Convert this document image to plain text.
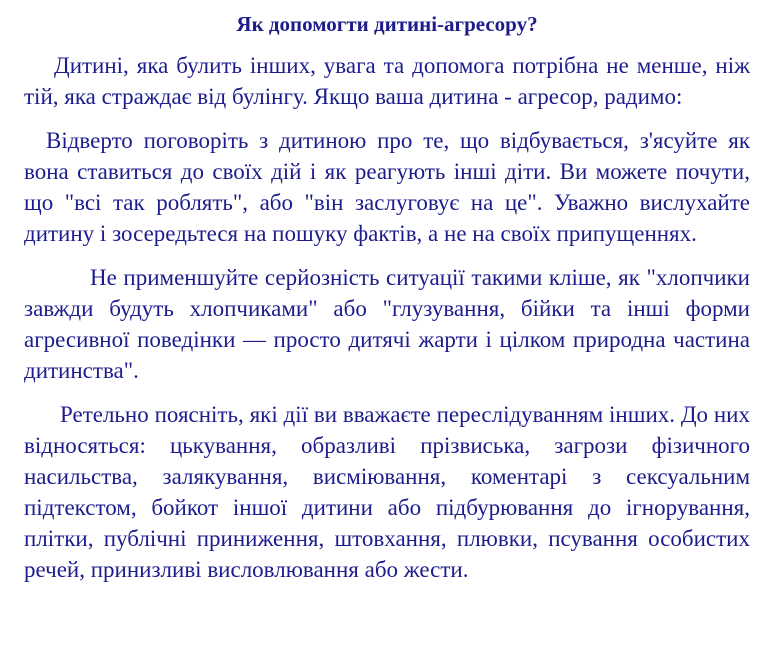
Як допомогти дитині-агресору?

Дитині, яка булить інших, увага та допомога потрібна не менше, ніж тій, яка страждає від булінгу. Якщо ваша дитина - агресор, радимо:

Відверто поговоріть з дитиною про те, що відбувається, з'ясуйте як вона ставиться до своїх дій і як реагують інші діти. Ви можете почути, що "всі так роблять", або "він заслуговує на це". Уважно вислухайте дитину і зосередьтеся на пошуку фактів, а не на своїх припущеннях.

Не применшуйте серйозність ситуації такими кліше, як "хлопчики завжди будуть хлопчиками" або "глузування, бійки та інші форми агресивної поведінки — просто дитячі жарти і цілком природна частина дитинства".

Ретельно поясніть, які дії ви вважаєте переслідуванням інших. До них відносяться: цькування, образливі прізвиська, загрози фізичного насильства, залякування, висміювання, коментарі з сексуальним підтекстом, бойкот іншої дитини або підбурювання до ігнорування, плітки, публічні приниження, штовхання, плювки, псування особистих речей, принизливі висловлювання або жести.
